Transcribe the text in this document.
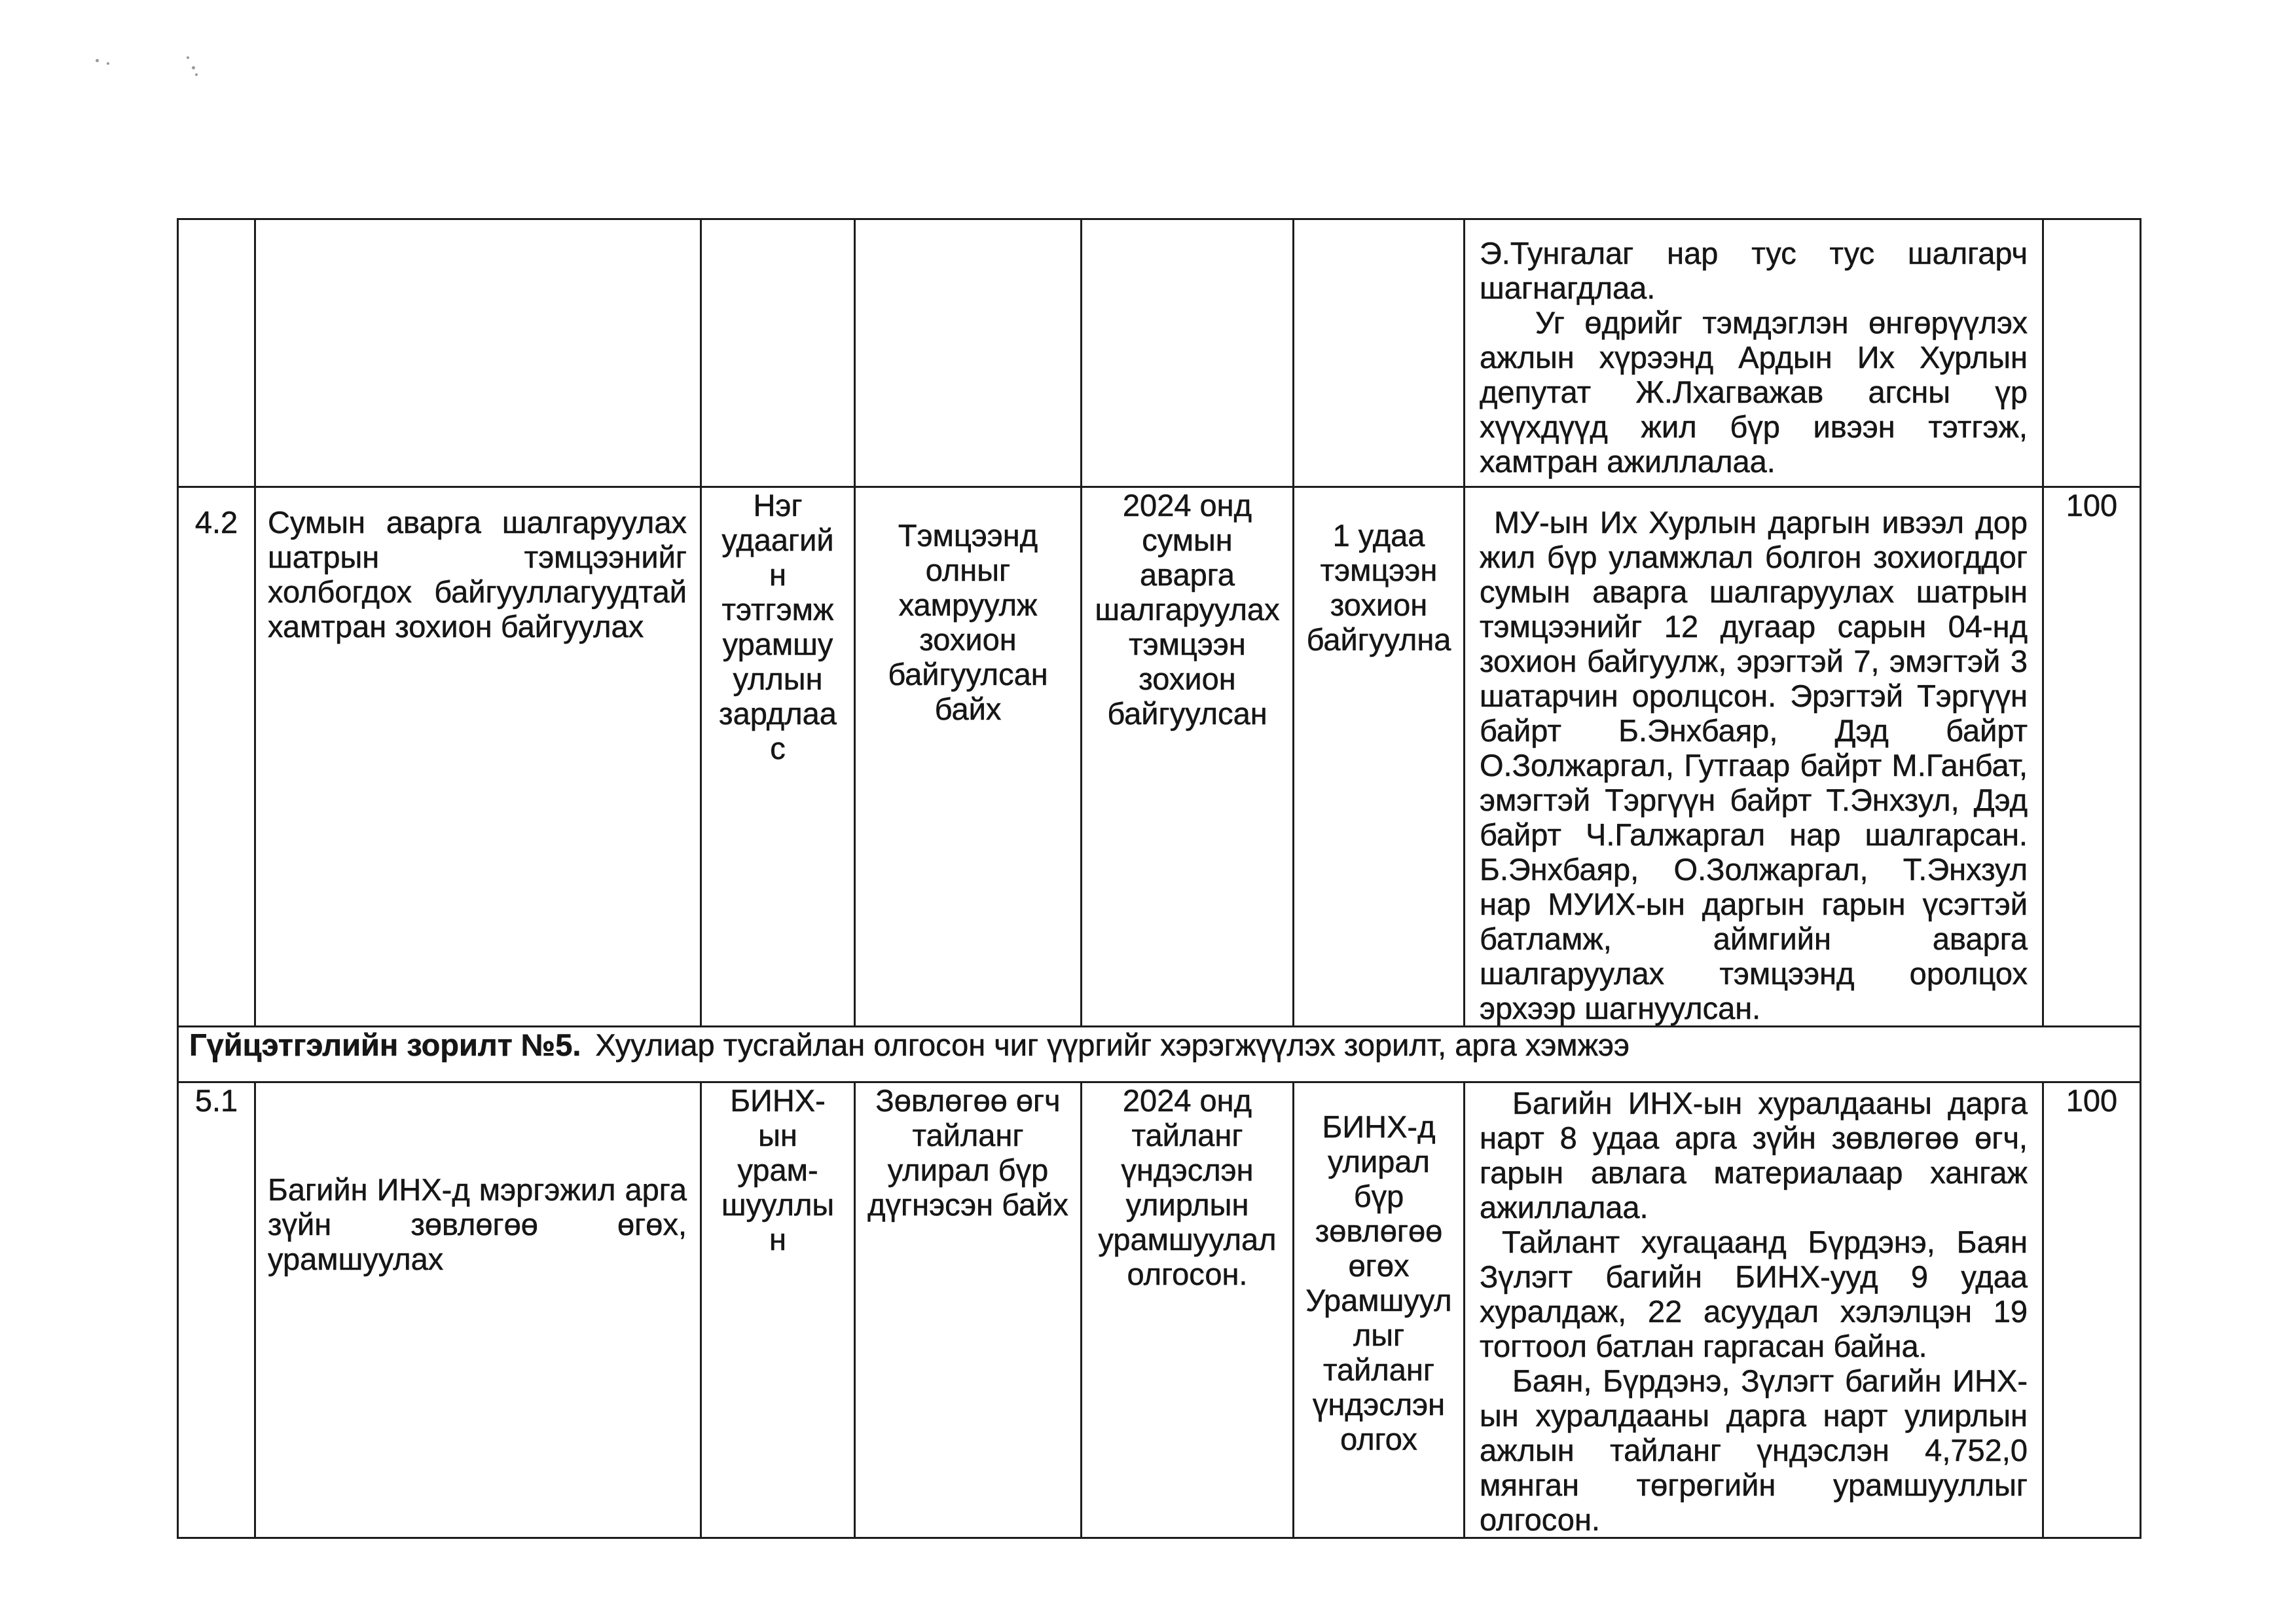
						Э.Тунгалаг нар тус тус шалгарч шагнагдлаа.

Уг өдрийг тэмдэглэн өнгөрүүлэх ажлын хүрээнд Ардын Их Хурлын депутат Ж.Лхагважав агсны үр хүүхдүүд жил бүр ивээн тэтгэж, хамтран ажиллалаа.	

4.2	Сумын аварга шалгаруулах шатрын тэмцээнийг холбогдох байгууллагуудтай хамтран зохион байгуулах	Нэг удаагийн тэтгэмж урамшууллын зардлаас	Тэмцээнд олныг хамруулж зохион байгуулсан байх	2024 онд сумын аварга шалгаруулах тэмцээн зохион байгуулсан	1 удаа тэмцээн зохион байгуулна	МУ-ын Их Хурлын даргын ивээл дор жил бүр уламжлал болгон зохиогддог сумын аварга шалгаруулах шатрын тэмцээнийг 12 дугаар сарын 04-нд зохион байгуулж, эрэгтэй 7, эмэгтэй 3 шатарчин оролцсон. Эрэгтэй Тэргүүн байрт Б.Энхбаяр, Дэд байрт О.Золжаргал, Гутгаар байрт М.Ганбат, эмэгтэй Тэргүүн байрт Т.Энхзул, Дэд байрт Ч.Галжаргал нар шалгарсан. Б.Энхбаяр, О.Золжаргал, Т.Энхзул нар МУИХ-ын даргын гарын үсэгтэй батламж, аймгийн аварга шалгаруулах тэмцээнд оролцох эрхээр шагнуулсан.	100
Гүйцэтгэлийн зорилт №5. Хуулиар тусгайлан олгосон чиг үүргийг хэрэгжүүлэх зорилт, арга хэмжээ							
5.1	Багийн ИНХ-д мэргэжил арга зүйн зөвлөгөө өгөх, урамшуулах	БИНХ-ын урам-шууллын	Зөвлөгөө өгч тайланг улирал бүр дүгнэсэн байх	2024 онд тайланг үндэслэн улирлын урамшуулал олгосон.	БИНХ-д улирал бүр зөвлөгөө өгөх Урамшууллыг тайланг үндэслэн олгох	Багийн ИНХ-ын хуралдааны дарга нарт 8 удаа арга зүйн зөвлөгөө өгч, гарын авлага материалаар хангаж ажиллалаа.

Тайлант хугацаанд Бүрдэнэ, Баян Зүлэгт багийн БИНХ-ууд 9 удаа хуралдаж, 22 асуудал хэлэлцэн 19 тогтоол батлан гаргасан байна.

Баян, Бүрдэнэ, Зүлэгт багийн ИНХ-ын хуралдааны дарга нарт улирлын ажлын тайланг үндэслэн 4,752,0 мянган төгрөгийн урамшууллыг олгосон.	100
